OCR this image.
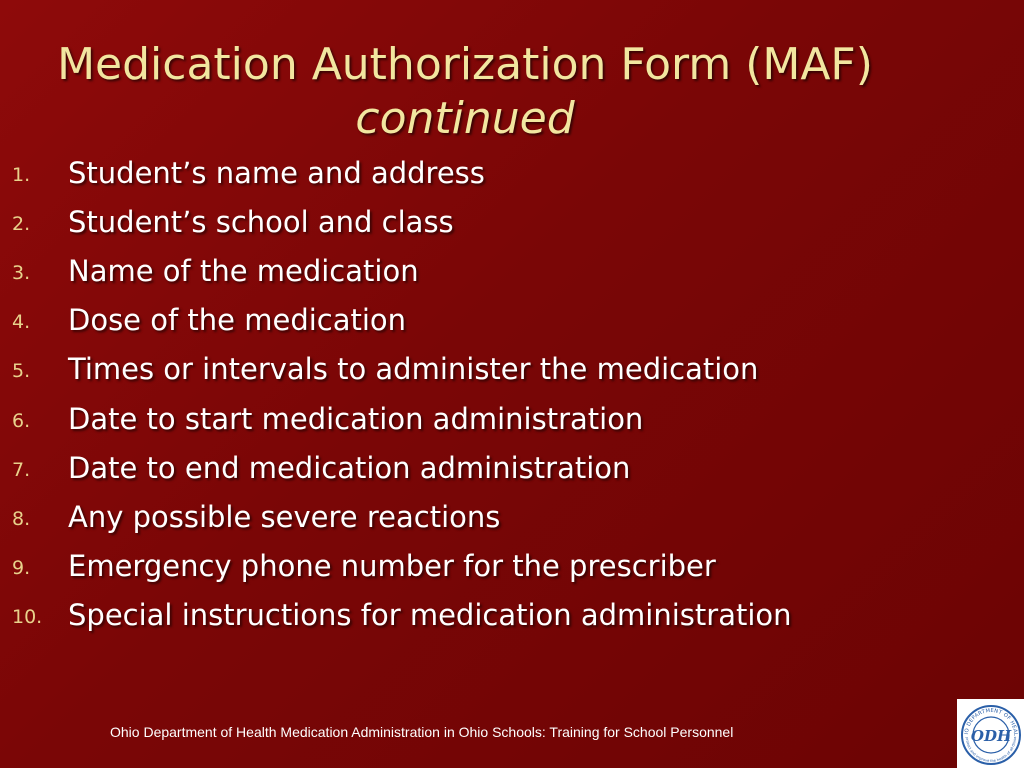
Medication Authorization Form (MAF)
continued
1.	Student’s name and address
2.	Student’s school and class
3.	Name of the medication
4.	Dose of the medication
5.	Times or intervals to administer the medication
6.	Date to start medication administration
7.	Date to end medication administration
8.	Any possible severe reactions
9.	Emergency phone number for the prescriber
10. Special instructions for medication administration
Ohio Department of Health Medication Administration in Ohio Schools: Training for School Personnel	IO DEPARTMENT OF HEAL
protect and improve the health of all Ohioa
ODH
